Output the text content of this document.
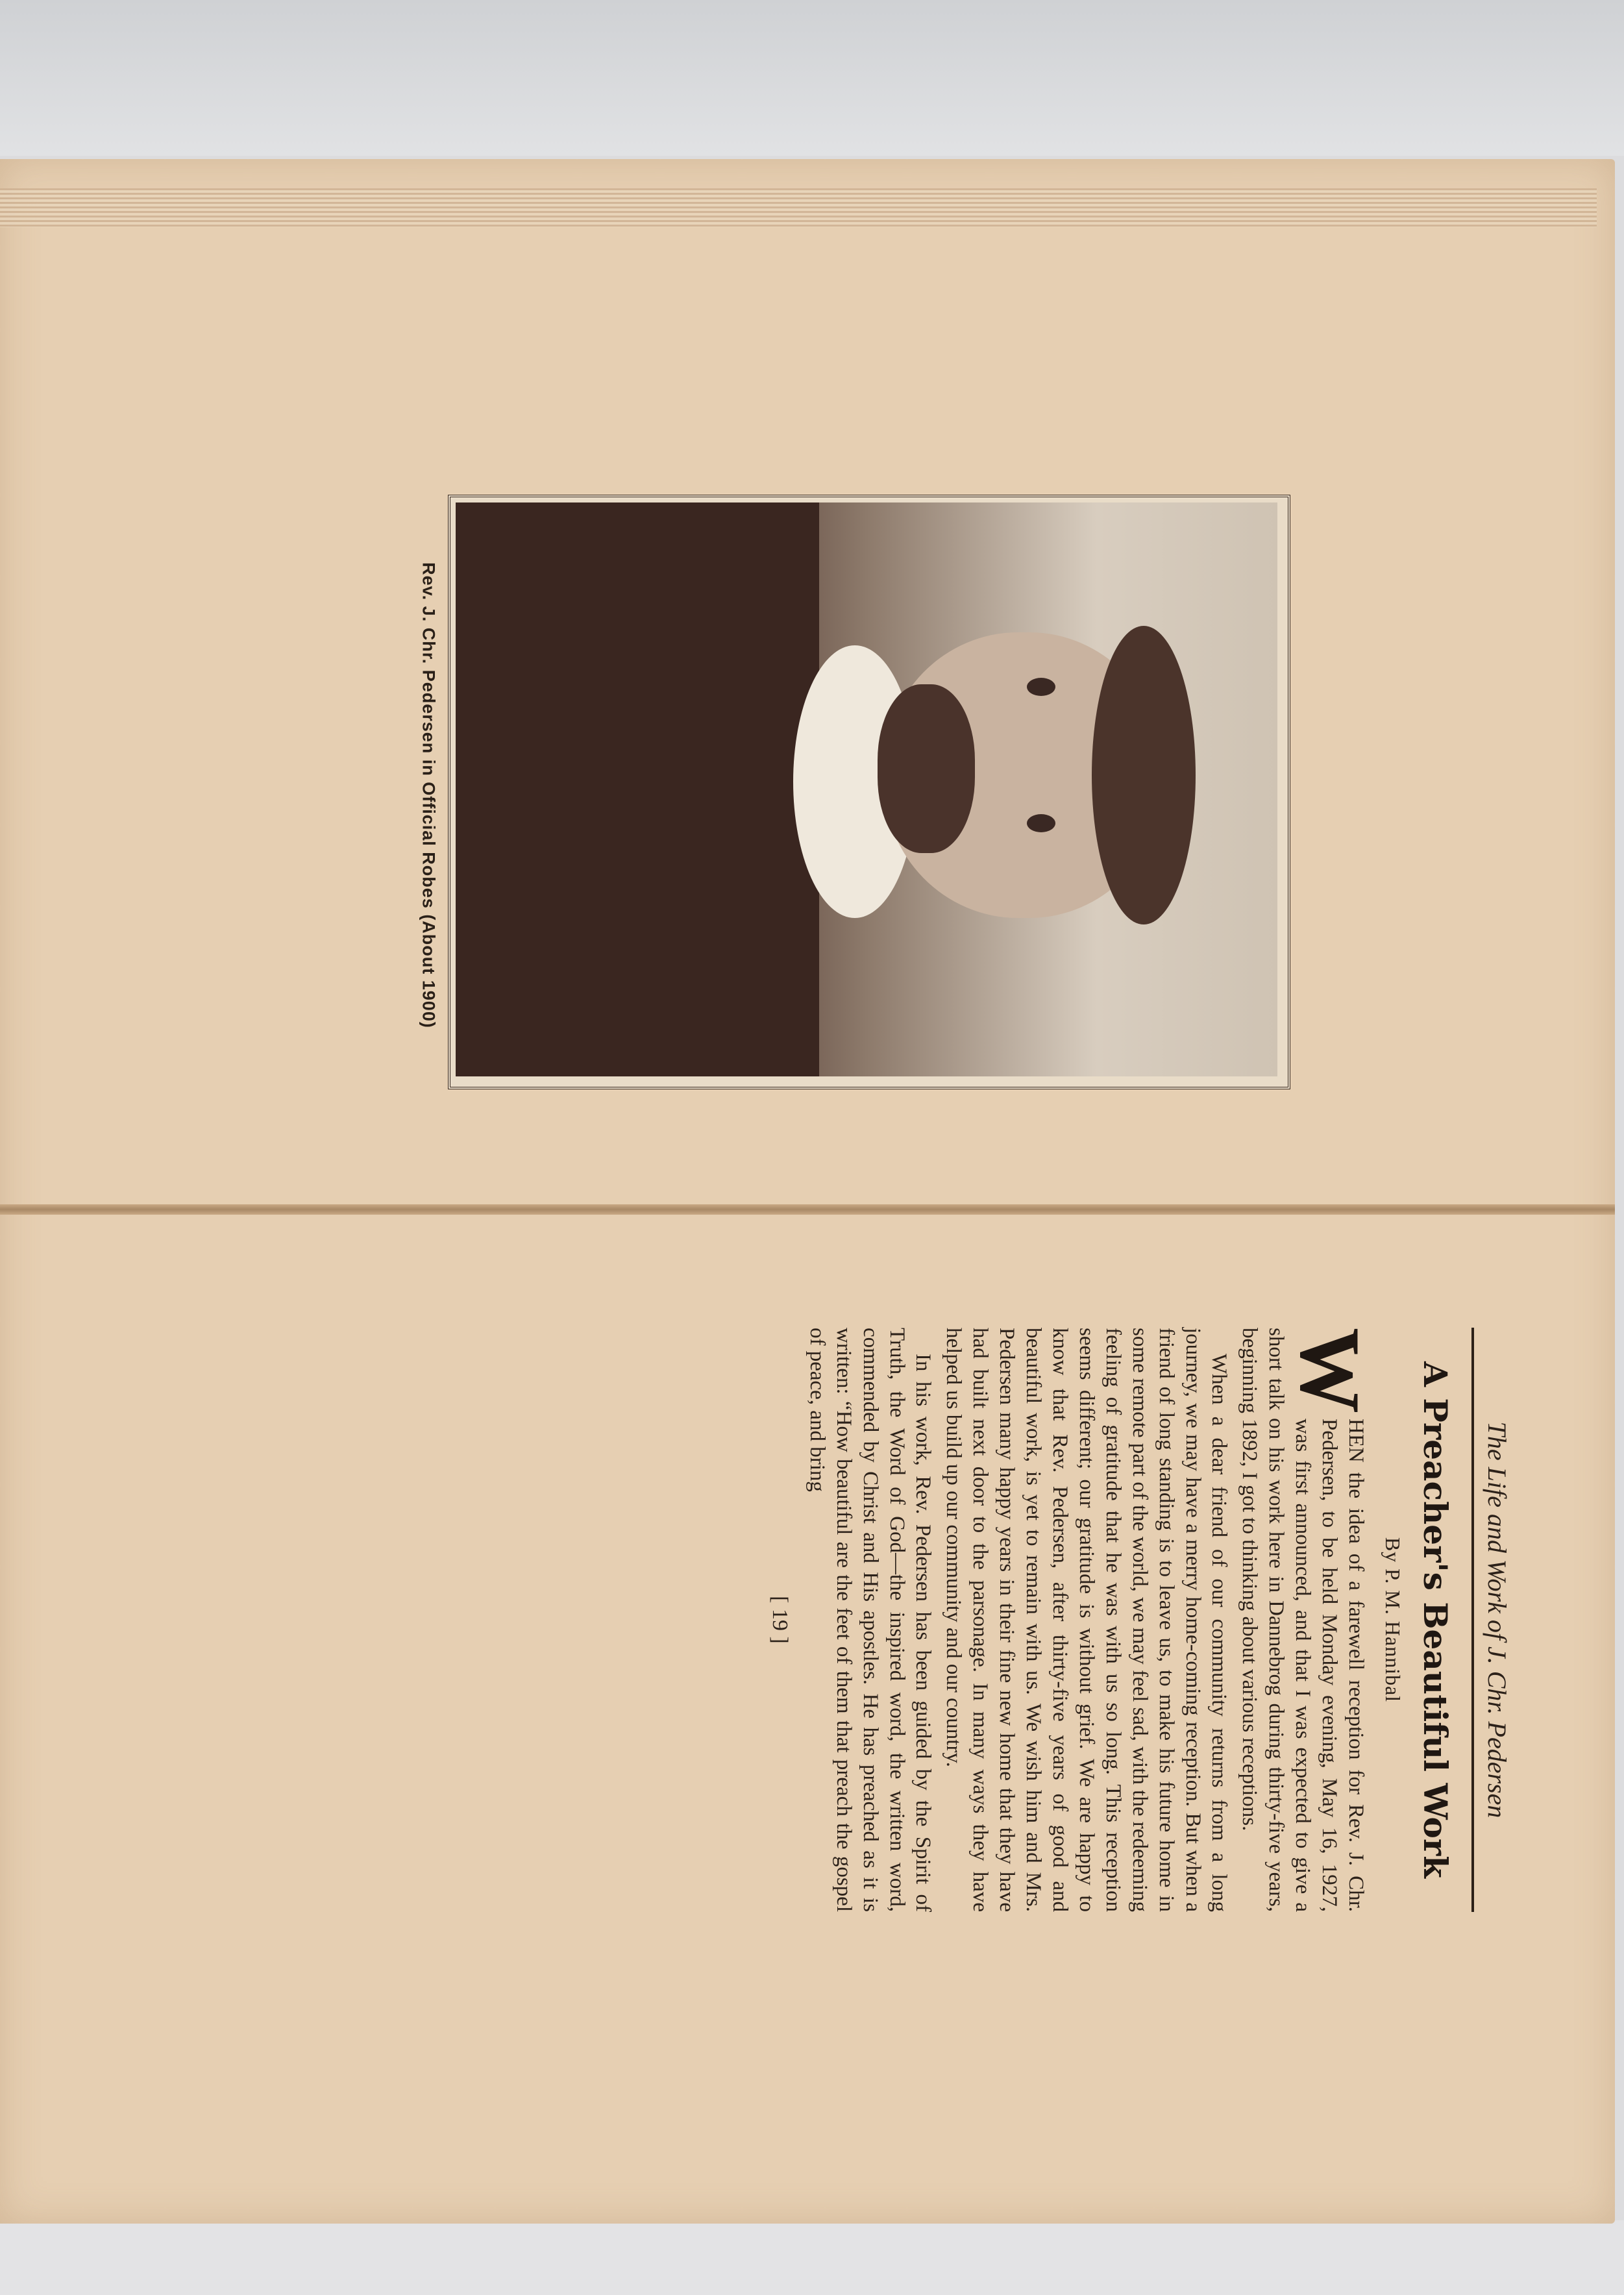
Rev. J. Chr. Pedersen in Official Robes (About 1900)
The Life and Work of J. Chr. Pedersen
A Preacher's Beautiful Work
By P. M. Hannibal

W
HEN the idea of a farewell reception for Rev. J. Chr. Pedersen, to be held Monday evening, May 16, 1927, was first announced, and that I was expected to give a short talk on his work here in Dannebrog during thirty-five years, beginning 1892, I got to thinking about various receptions.

When a dear friend of our community returns from a long journey, we may have a merry home-coming reception. But when a friend of long standing is to leave us, to make his future home in some remote part of the world, we may feel sad, with the redeeming feeling of gratitude that he was with us so long. This reception seems different; our gratitude is without grief. We are happy to know that Rev. Pedersen, after thirty-five years of good and beautiful work, is yet to remain with us. We wish him and Mrs. Pedersen many happy years in their fine new home that they have had built next door to the parsonage. In many ways they have helped us build up our community and our country.

In his work, Rev. Pedersen has been guided by the Spirit of Truth, the Word of God—the inspired word, the written word, commended by Christ and His apostles. He has preached as it is written: “How beautiful are the feet of them that preach the gospel of peace, and bring

[ 19 ]
